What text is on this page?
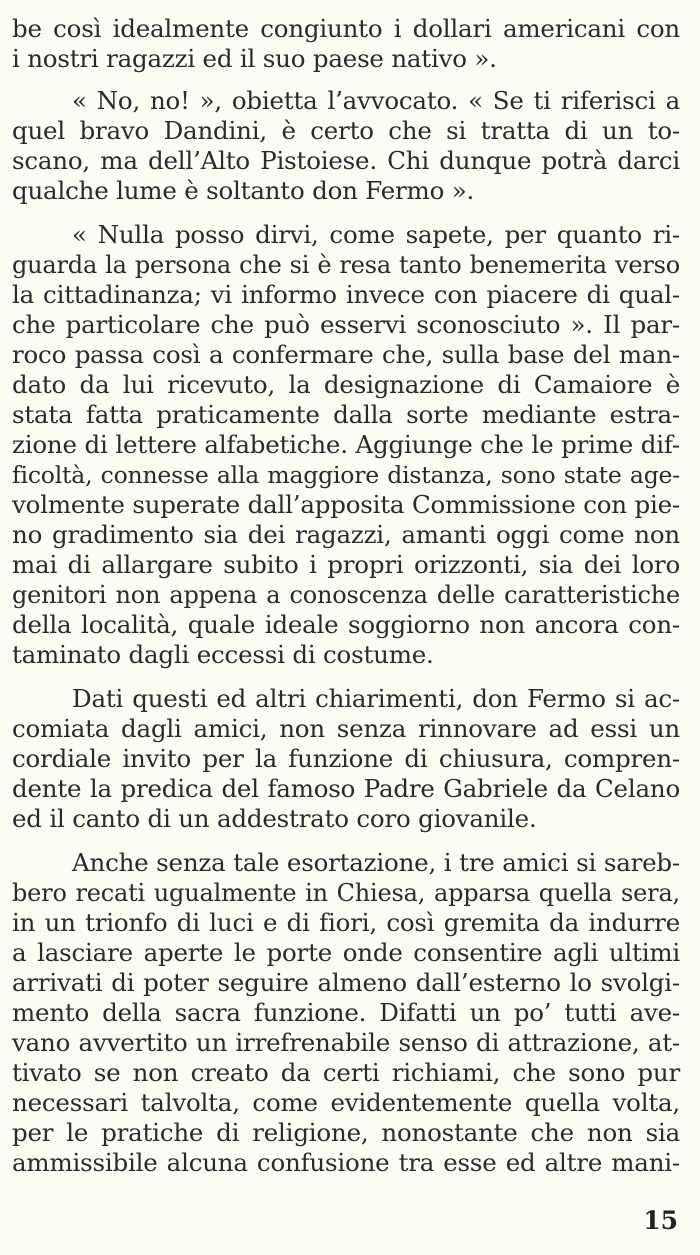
be così idealmente congiunto i dollari americani con
i nostri ragazzi ed il suo paese nativo ».
« No, no! », obietta l’avvocato. « Se ti riferisci a
quel bravo Dandini, è certo che si tratta di un to-
scano, ma dell’Alto Pistoiese. Chi dunque potrà darci
qualche lume è soltanto don Fermo ».
« Nulla posso dirvi, come sapete, per quanto ri-
guarda la persona che si è resa tanto benemerita verso
la cittadinanza; vi informo invece con piacere di qual-
che particolare che può esservi sconosciuto ». Il par-
roco passa così a confermare che, sulla base del man-
dato da lui ricevuto, la designazione di Camaiore è
stata fatta praticamente dalla sorte mediante estra-
zione di lettere alfabetiche. Aggiunge che le prime dif-
ficoltà, connesse alla maggiore distanza, sono state age-
volmente superate dall’apposita Commissione con pie-
no gradimento sia dei ragazzi, amanti oggi come non
mai di allargare subito i propri orizzonti, sia dei loro
genitori non appena a conoscenza delle caratteristiche
della località, quale ideale soggiorno non ancora con-
taminato dagli eccessi di costume.
Dati questi ed altri chiarimenti, don Fermo si ac-
comiata dagli amici, non senza rinnovare ad essi un
cordiale invito per la funzione di chiusura, compren-
dente la predica del famoso Padre Gabriele da Celano
ed il canto di un addestrato coro giovanile.
Anche senza tale esortazione, i tre amici si sareb-
bero recati ugualmente in Chiesa, apparsa quella sera,
in un trionfo di luci e di fiori, così gremita da indurre
a lasciare aperte le porte onde consentire agli ultimi
arrivati di poter seguire almeno dall’esterno lo svolgi-
mento della sacra funzione. Difatti un po’ tutti ave-
vano avvertito un irrefrenabile senso di attrazione, at-
tivato se non creato da certi richiami, che sono pur
necessari talvolta, come evidentemente quella volta,
per le pratiche di religione, nonostante che non sia
ammissibile alcuna confusione tra esse ed altre mani-
15
